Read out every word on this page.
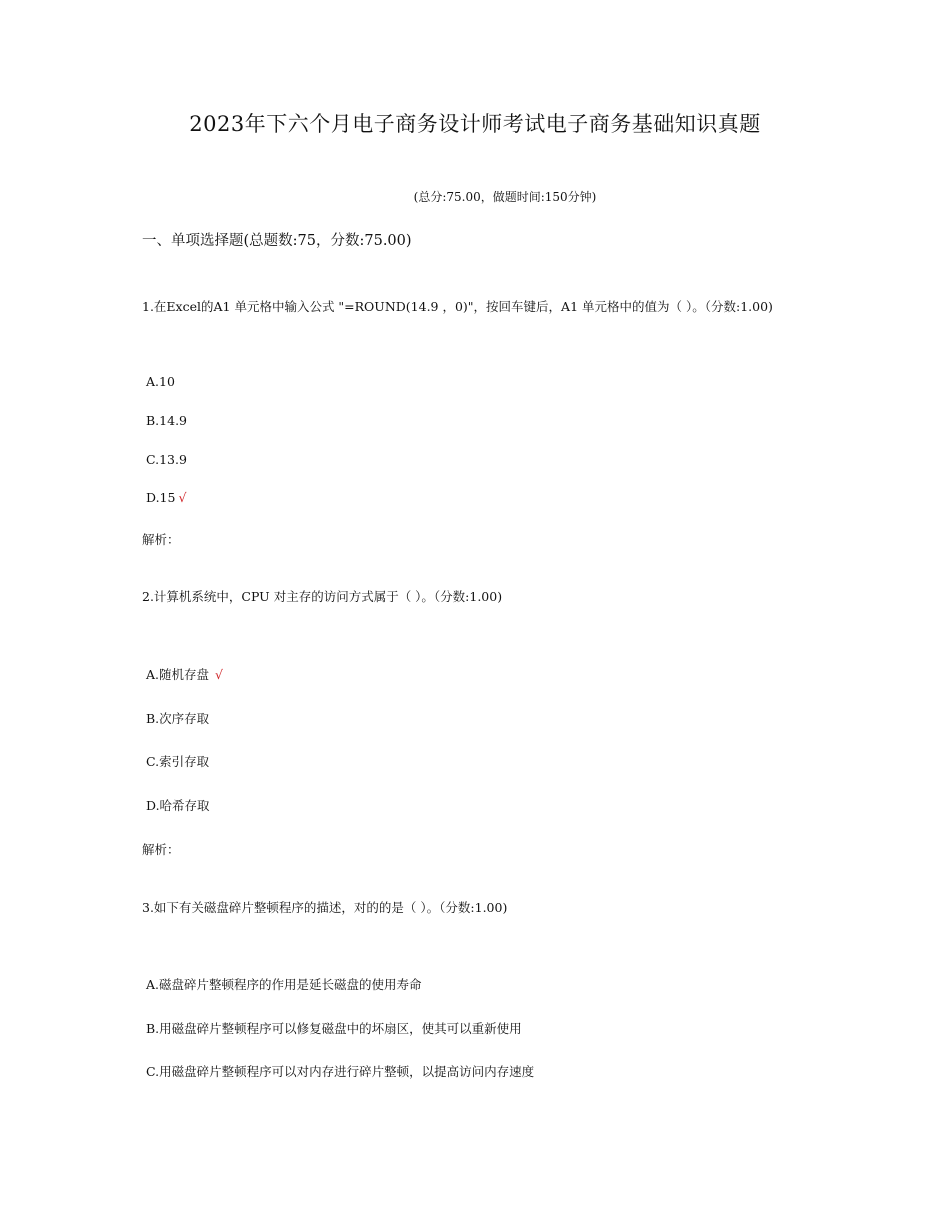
2023年下六个月电子商务设计师考试电子商务基础知识真题
(总分:75.00，做题时间:150分钟)
一、单项选择题(总题数:75，分数:75.00)
1.在Excel的A1 单元格中输入公式 "=ROUND(14.9 ，0)"，按回车键后，A1 单元格中的值为（ ）。（分数:1.00)
A.10
B.14.9
C.13.9
D.15 √
解析：
2.计算机系统中，CPU 对主存的访问方式属于（ ）。（分数:1.00)
A.随机存盘 √
B.次序存取
C.索引存取
D.哈希存取
解析：
3.如下有关磁盘碎片整顿程序的描述，对的的是（ ）。（分数:1.00)
A.磁盘碎片整顿程序的作用是延长磁盘的使用寿命
B.用磁盘碎片整顿程序可以修复磁盘中的坏扇区，使其可以重新使用
C.用磁盘碎片整顿程序可以对内存进行碎片整顿，以提高访问内存速度
